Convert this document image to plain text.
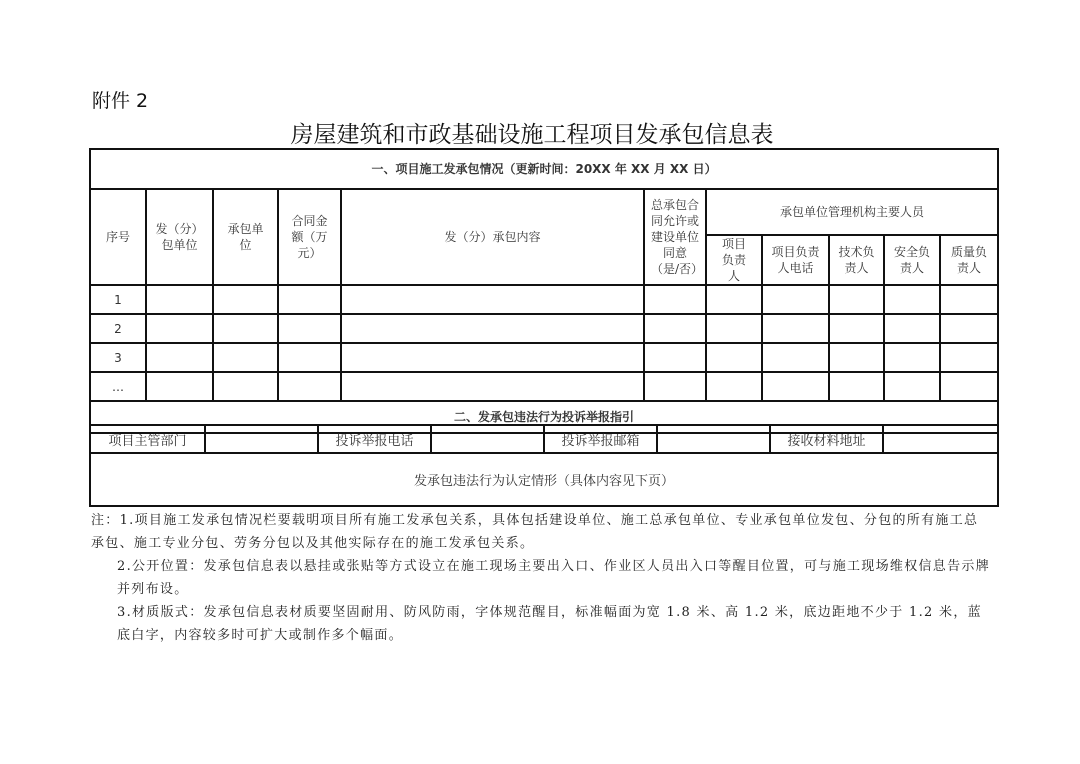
附件 2
房屋建筑和市政基础设施工程项目发承包信息表
一、项目施工发承包情况（更新时间：20XX 年 XX 月 XX 日）										
序号	发（分）包单位	承包单位	合同金额（万元）	发（分）承包内容	总承包合同允许或建设单位同意（是/否）	承包单位管理机构主要人员				

						项目负责人	项目负责人电话	技术负责人	安全负责人	质量负责人

1										
2										
3										
…										
二、发承包违法行为投诉举报指引										
项目主管部门		投诉举报电话		投诉举报邮箱		接收材料地址	
发承包违法行为认定情形（具体内容见下页）

注：1.项目施工发承包情况栏要载明项目所有施工发承包关系，具体包括建设单位、施工总承包单位、专业承包单位发包、分包的所有施工总承包、施工专业分包、劳务分包以及其他实际存在的施工发承包关系。

2.公开位置：发承包信息表以悬挂或张贴等方式设立在施工现场主要出入口、作业区人员出入口等醒目位置，可与施工现场维权信息告示牌并列布设。

3.材质版式：发承包信息表材质要坚固耐用、防风防雨，字体规范醒目，标准幅面为宽 1.8 米、高 1.2 米，底边距地不少于 1.2 米，蓝底白字，内容较多时可扩大或制作多个幅面。
